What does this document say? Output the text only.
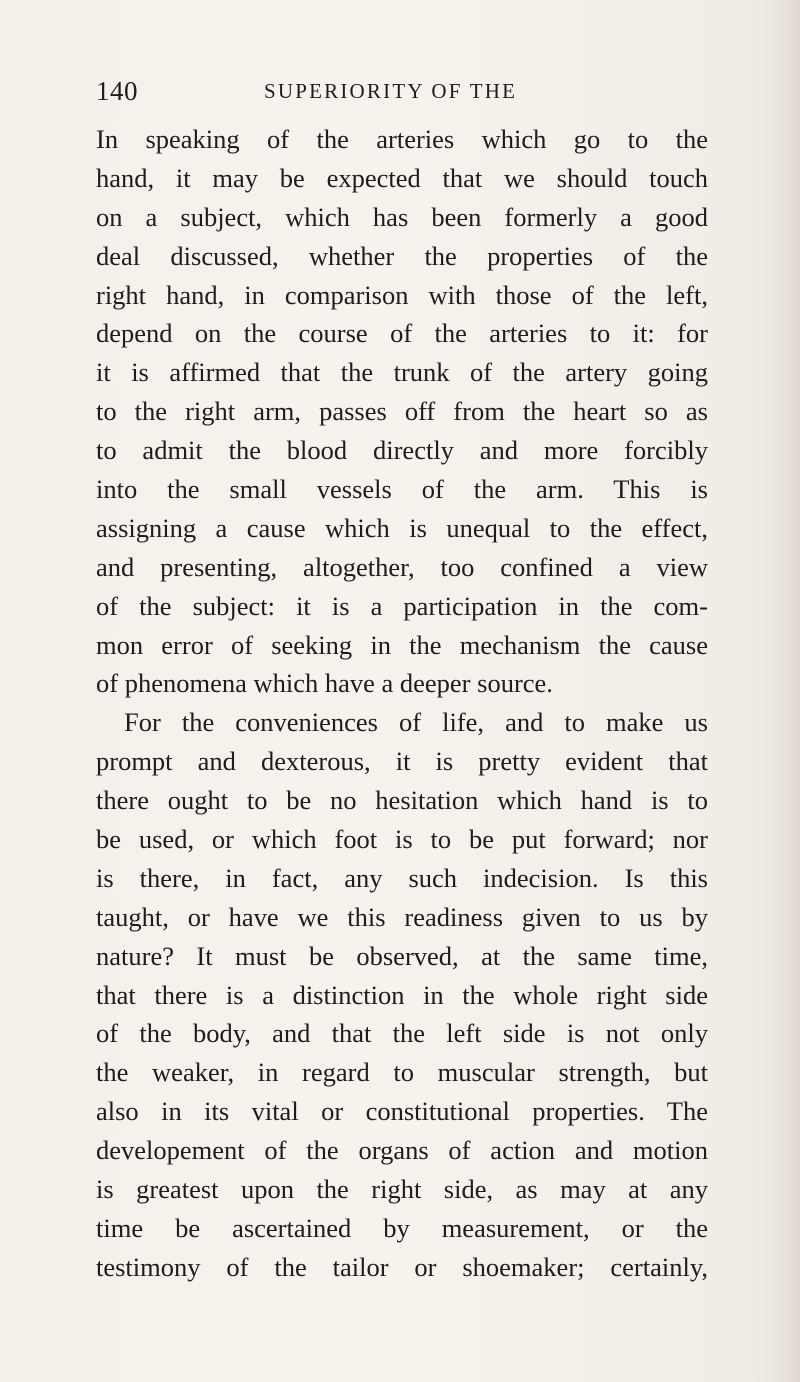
140	SUPERIORITY OF THE
In speaking of the arteries which go to the
hand, it may be expected that we should touch
on a subject, which has been formerly a good
deal discussed, whether the properties of the
right hand, in comparison with those of the left,
depend on the course of the arteries to it: for
it is affirmed that the trunk of the artery going
to the right arm, passes off from the heart so as
to admit the blood directly and more forcibly
into the small vessels of the arm. This is
assigning a cause which is unequal to the effect,
and presenting, altogether, too confined a view
of the subject: it is a participation in the com-
mon error of seeking in the mechanism the cause
of phenomena which have a deeper source.
For the conveniences of life, and to make us
prompt and dexterous, it is pretty evident that
there ought to be no hesitation which hand is to
be used, or which foot is to be put forward; nor
is there, in fact, any such indecision. Is this
taught, or have we this readiness given to us by
nature? It must be observed, at the same time,
that there is a distinction in the whole right side
of the body, and that the left side is not only
the weaker, in regard to muscular strength, but
also in its vital or constitutional properties. The
developement of the organs of action and motion
is greatest upon the right side, as may at any
time be ascertained by measurement, or the
testimony of the tailor or shoemaker; certainly,
